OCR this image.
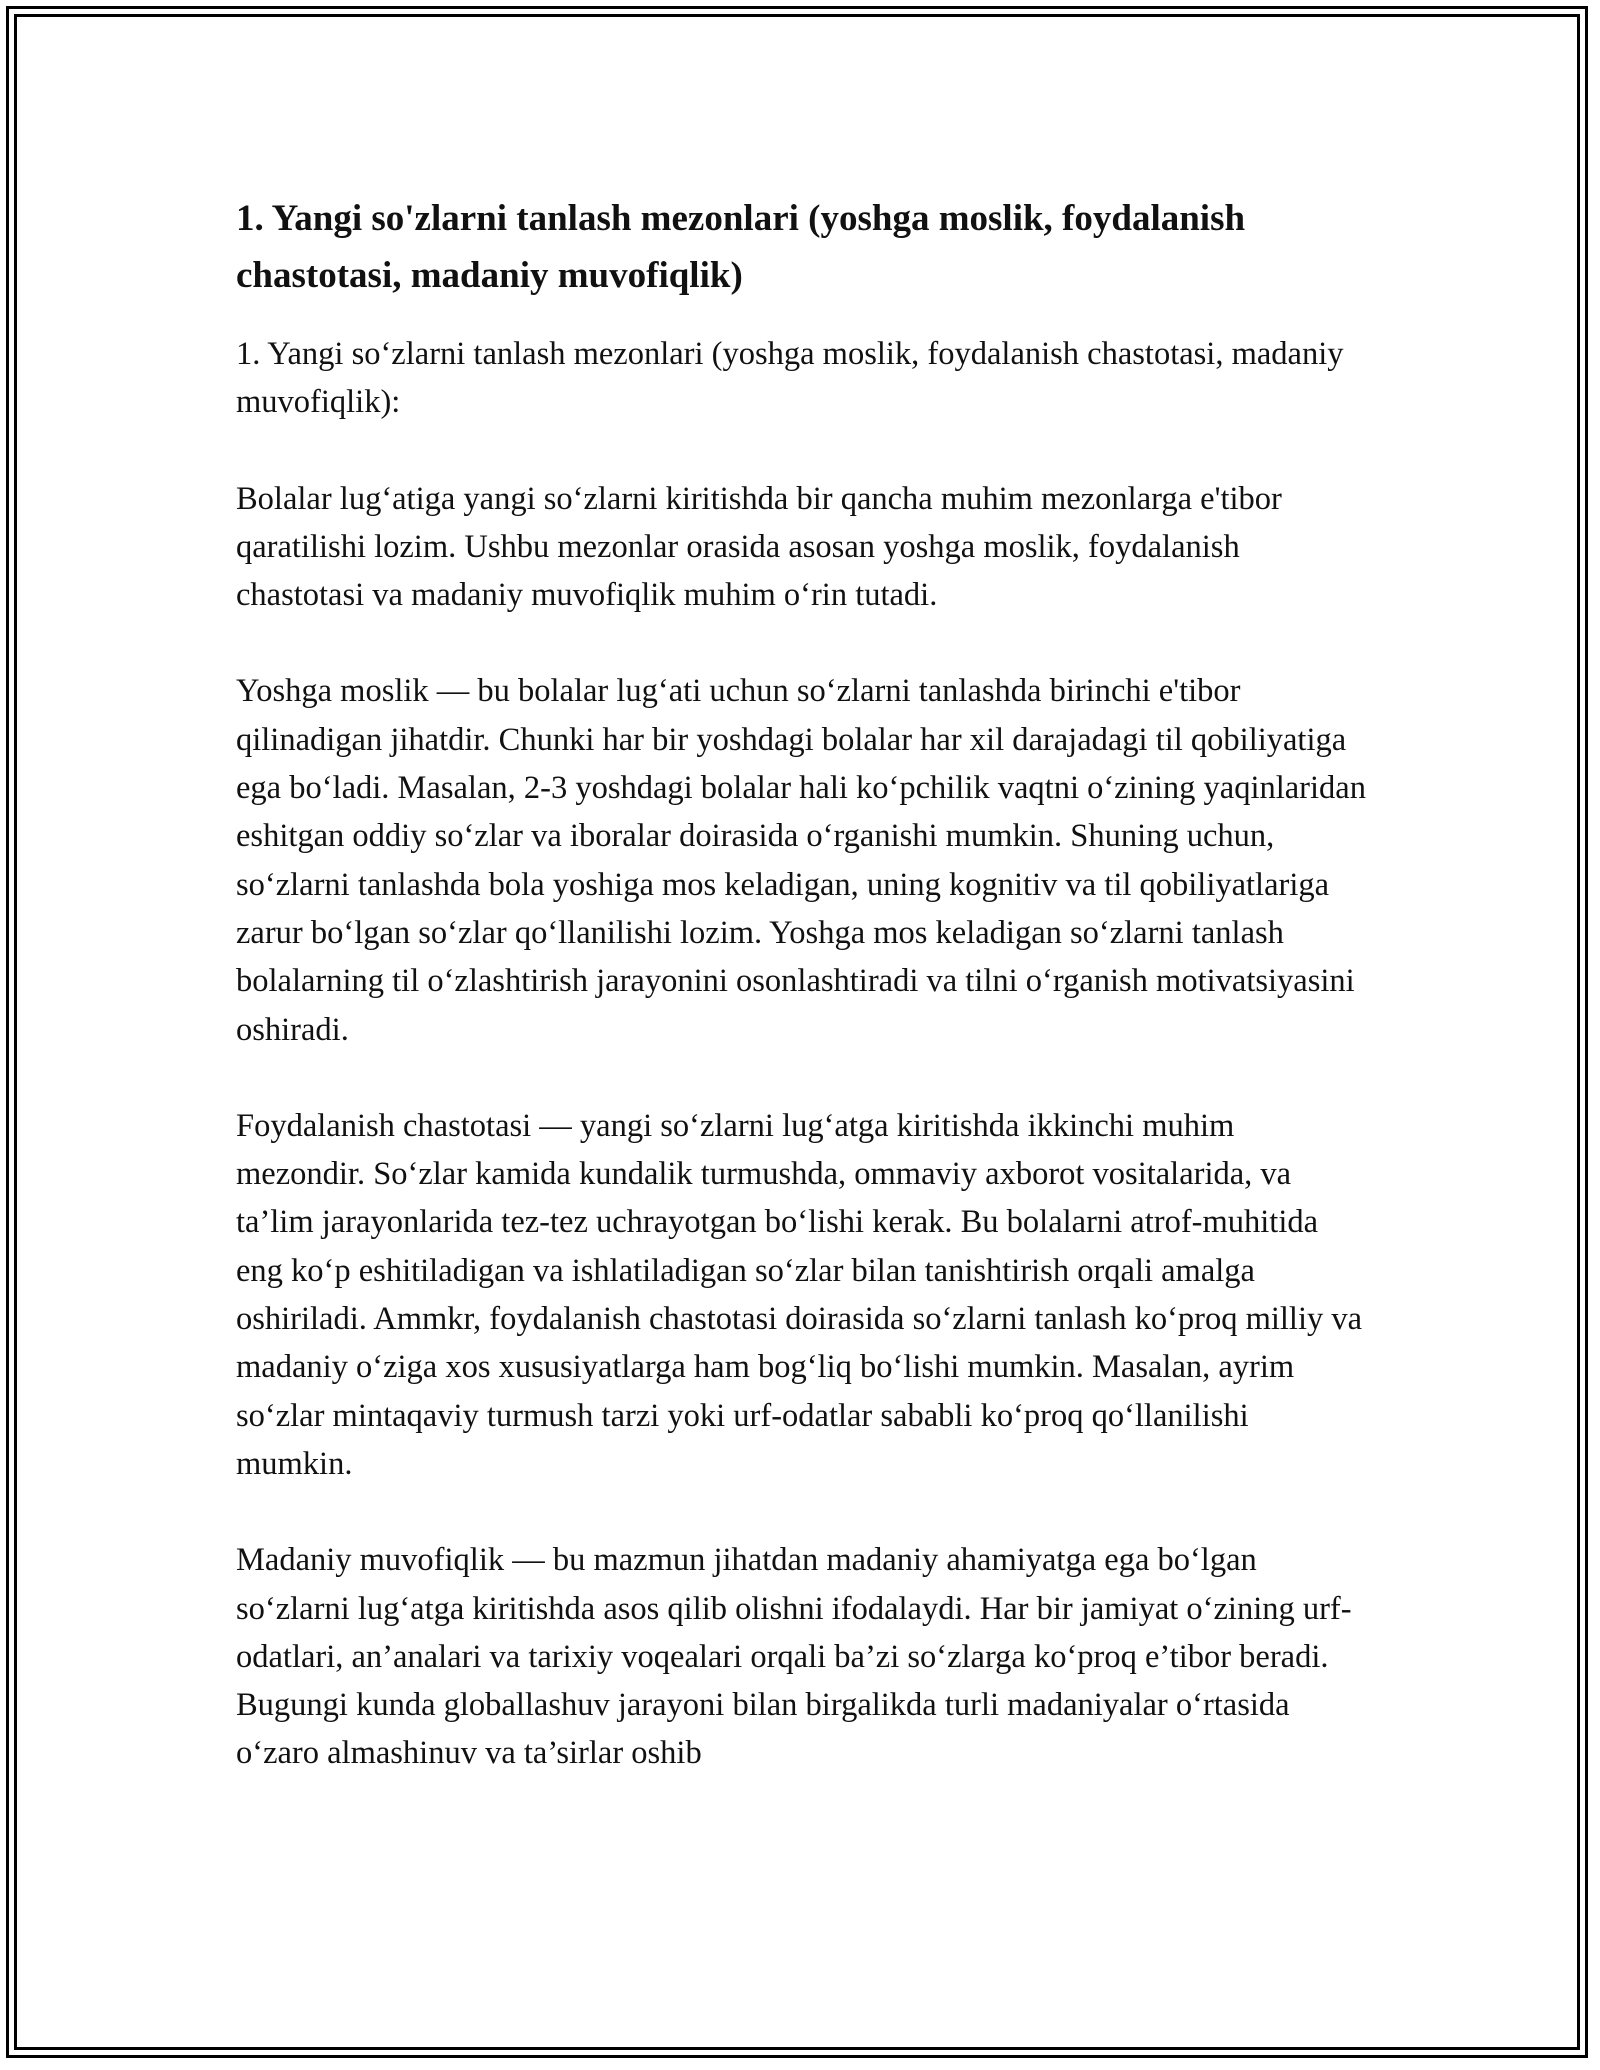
1. Yangi so'zlarni tanlash mezonlari (yoshga moslik, foydalanish chastotasi, madaniy muvofiqlik)

1. Yangi so‘zlarni tanlash mezonlari (yoshga moslik, foydalanish chastotasi, madaniy muvofiqlik):

Bolalar lug‘atiga yangi so‘zlarni kiritishda bir qancha muhim mezonlarga e'tibor qaratilishi lozim. Ushbu mezonlar orasida asosan yoshga moslik, foydalanish chastotasi va madaniy muvofiqlik muhim o‘rin tutadi.

Yoshga moslik — bu bolalar lug‘ati uchun so‘zlarni tanlashda birinchi e'tibor qilinadigan jihatdir. Chunki har bir yoshdagi bolalar har xil darajadagi til qobiliyatiga ega bo‘ladi. Masalan, 2-3 yoshdagi bolalar hali ko‘pchilik vaqtni o‘zining yaqinlaridan eshitgan oddiy so‘zlar va iboralar doirasida o‘rganishi mumkin. Shuning uchun, so‘zlarni tanlashda bola yoshiga mos keladigan, uning kognitiv va til qobiliyatlariga zarur bo‘lgan so‘zlar qo‘llanilishi lozim. Yoshga mos keladigan so‘zlarni tanlash bolalarning til o‘zlashtirish jarayonini osonlashtiradi va tilni o‘rganish motivatsiyasini oshiradi.

Foydalanish chastotasi — yangi so‘zlarni lug‘atga kiritishda ikkinchi muhim mezondir. So‘zlar kamida kundalik turmushda, ommaviy axborot vositalarida, va ta’lim jarayonlarida tez-tez uchrayotgan bo‘lishi kerak. Bu bolalarni atrof-muhitida eng ko‘p eshitiladigan va ishlatiladigan so‘zlar bilan tanishtirish orqali amalga oshiriladi. Ammkr, foydalanish chastotasi doirasida so‘zlarni tanlash ko‘proq milliy va madaniy o‘ziga xos xususiyatlarga ham bog‘liq bo‘lishi mumkin. Masalan, ayrim so‘zlar mintaqaviy turmush tarzi yoki urf-odatlar sababli ko‘proq qo‘llanilishi mumkin.

Madaniy muvofiqlik — bu mazmun jihatdan madaniy ahamiyatga ega bo‘lgan so‘zlarni lug‘atga kiritishda asos qilib olishni ifodalaydi. Har bir jamiyat o‘zining urf-odatlari, an’analari va tarixiy voqealari orqali ba’zi so‘zlarga ko‘proq e’tibor beradi. Bugungi kunda globallashuv jarayoni bilan birgalikda turli madaniyalar o‘rtasida o‘zaro almashinuv va ta’sirlar oshib
